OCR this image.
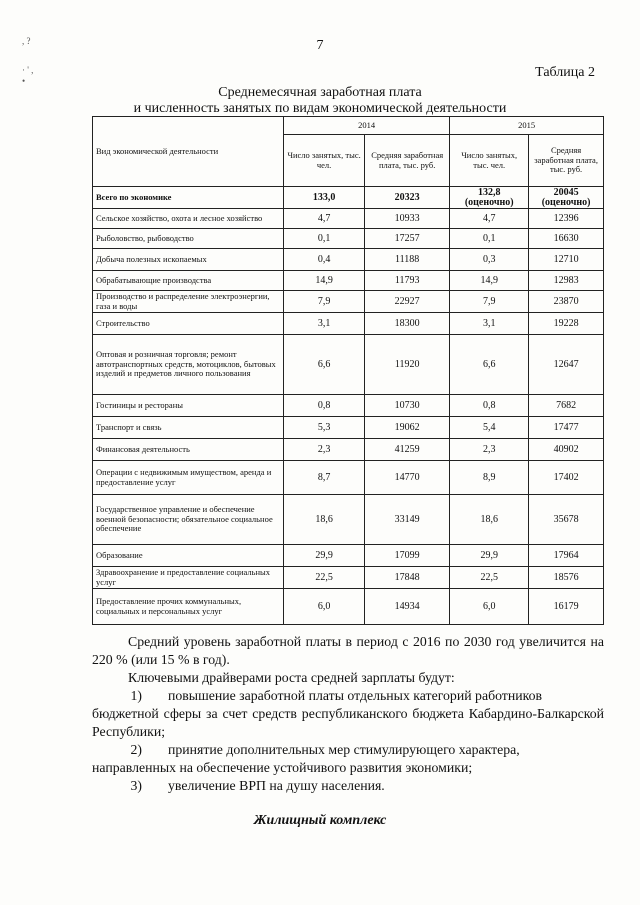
, ?
· ' ,
•
7
Таблица 2
Среднемесячная заработная плата
и численность занятых по видам экономической деятельности
Вид экономической деятельности	2014		2015	
	Число занятых, тыс. чел.	Средняя заработная плата, тыс. руб.	Число занятых, тыс. чел.	Средняя заработная плата, тыс. руб.
Всего по экономике	133,0	20323	132,8 (оценочно)	20045 (оценочно)
Сельское хозяйство, охота и лесное хозяйство	4,7	10933	4,7	12396
Рыболовство, рыбоводство	0,1	17257	0,1	16630
Добыча полезных ископаемых	0,4	11188	0,3	12710
Обрабатывающие производства	14,9	11793	14,9	12983
Производство и распределение электроэнергии, газа и воды	7,9	22927	7,9	23870
Строительство	3,1	18300	3,1	19228
Оптовая и розничная торговля; ремонт автотранспортных средств, мотоциклов, бытовых изделий и предметов личного пользования	6,6	11920	6,6	12647
Гостиницы и рестораны	0,8	10730	0,8	7682
Транспорт и связь	5,3	19062	5,4	17477
Финансовая деятельность	2,3	41259	2,3	40902
Операции с недвижимым имуществом, аренда и предоставление услуг	8,7	14770	8,9	17402
Государственное управление и обеспечение военной безопасности; обязательное социальное обеспечение	18,6	33149	18,6	35678
Образование	29,9	17099	29,9	17964
Здравоохранение и предоставление социальных услуг	22,5	17848	22,5	18576
Предоставление прочих коммунальных, социальных и персональных услуг	6,0	14934	6,0	16179

Средний уровень заработной платы в период с 2016 по 2030 год увеличится на 220 % (или 15 % в год).

Ключевыми драйверами роста средней зарплаты будут:

1)	повышение заработной платы отдельных категорий работников

бюджетной сферы за счет средств республиканского бюджета Кабардино-Балкарской Республики;

2)	принятие дополнительных мер стимулирующего характера,

направленных на обеспечение устойчивого развития экономики;

3)	увеличение ВРП на душу населения.

Жилищный комплекс
